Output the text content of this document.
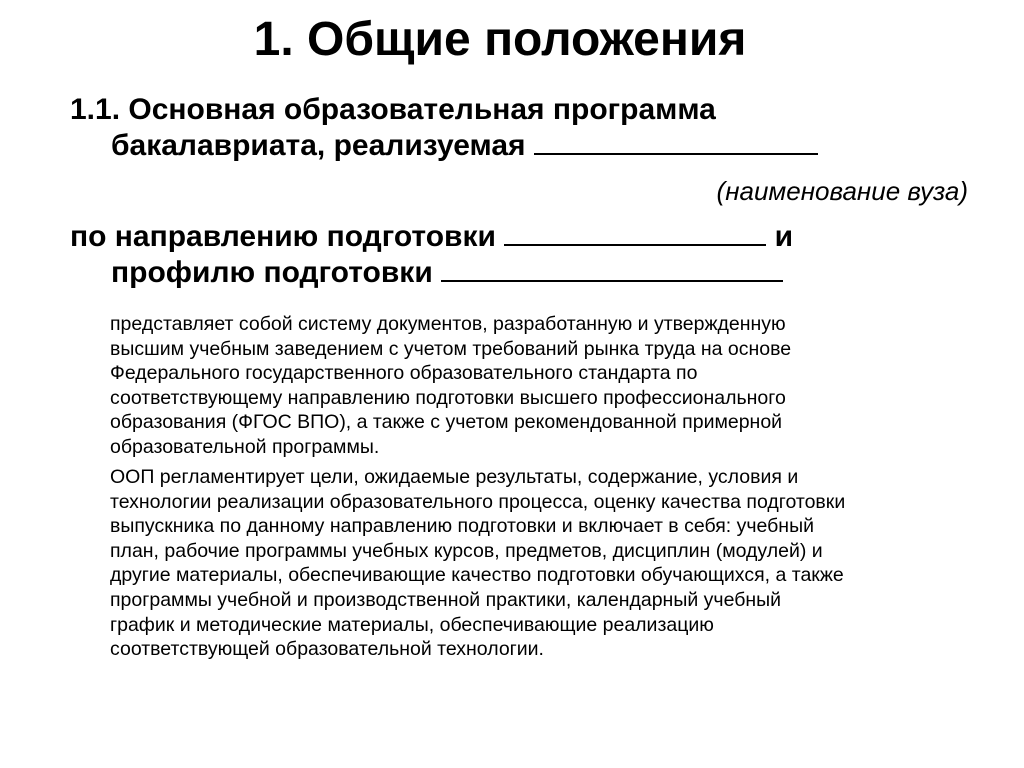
1. Общие положения

1.1. Основная образовательная программа

бакалавриата, реализуемая

(наименование вуза)

по направлению подготовки	и

профилю подготовки

представляет собой систему документов, разработанную и утвержденную
высшим учебным заведением с учетом требований рынка труда на основе
Федерального государственного образовательного стандарта по
соответствующему направлению подготовки высшего профессионального
образования (ФГОС ВПО), а также с учетом рекомендованной примерной
образовательной программы.
ООП регламентирует цели, ожидаемые результаты, содержание, условия и
технологии реализации образовательного процесса, оценку качества подготовки
выпускника по данному направлению подготовки и включает в себя: учебный
план, рабочие программы учебных курсов, предметов, дисциплин (модулей) и
другие материалы, обеспечивающие качество подготовки обучающихся, а также
программы учебной и производственной практики, календарный учебный
график и методические материалы, обеспечивающие реализацию
соответствующей образовательной технологии.
